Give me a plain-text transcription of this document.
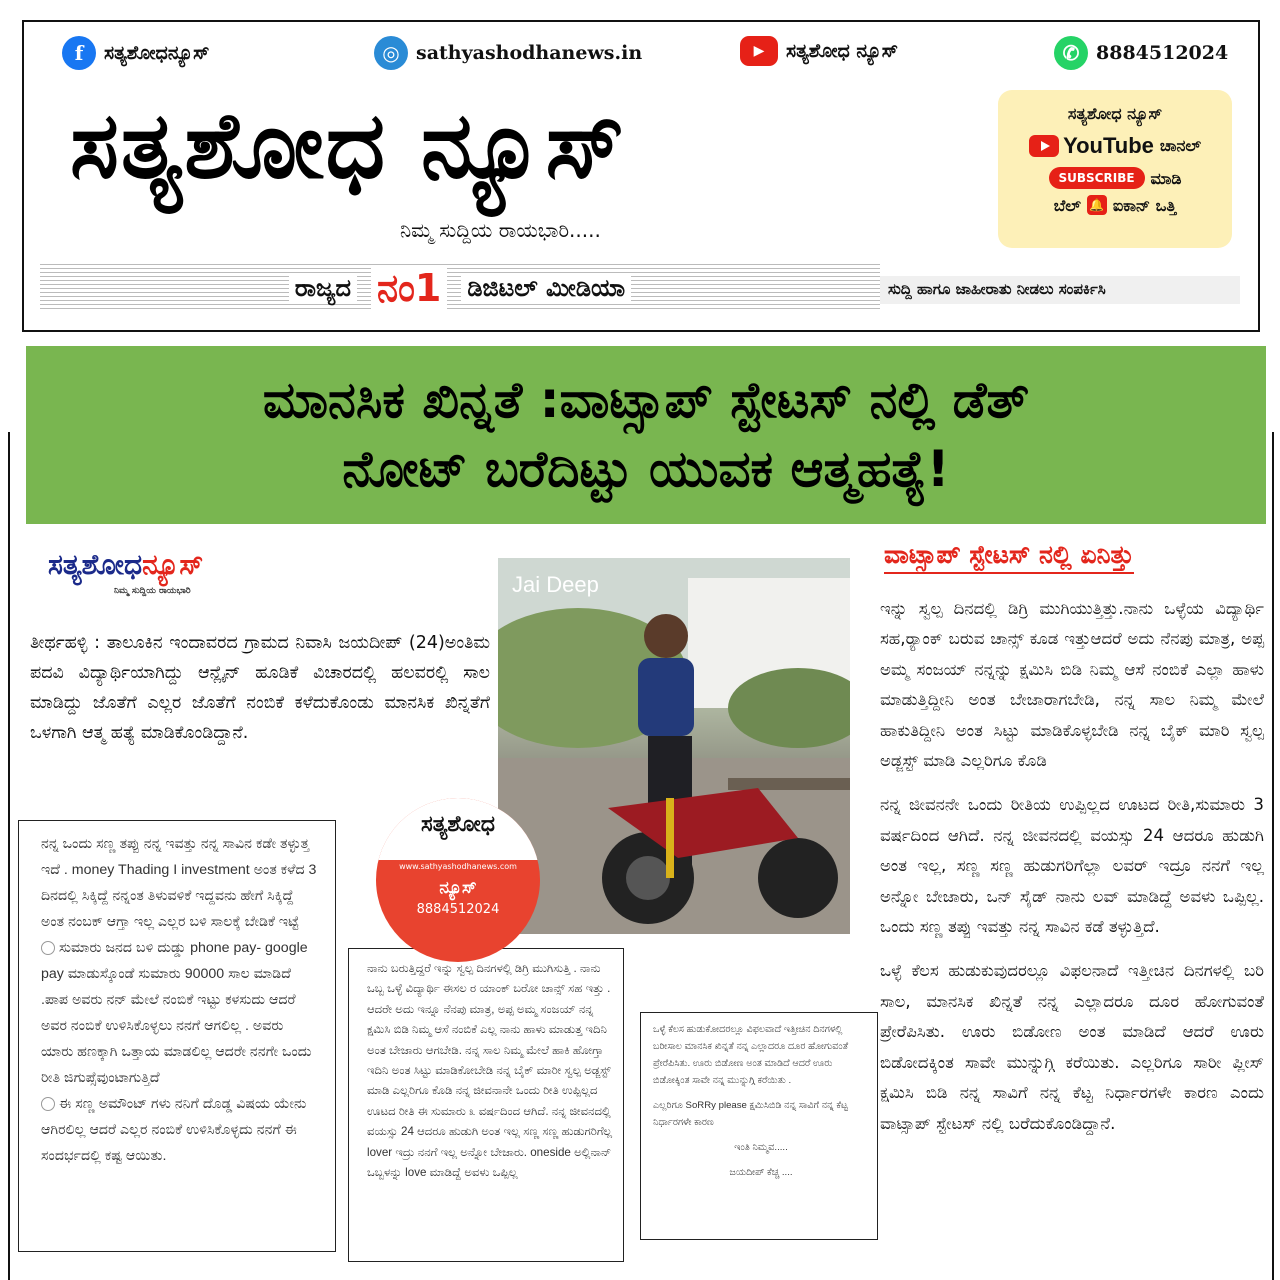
f	ಸತ್ಯಶೋಧನ್ಯೂಸ್	◎ sathyashodhanews.in	▶	ಸತ್ಯಶೋಧ ನ್ಯೂಸ್	✆ 8884512024
ಸತ್ಯಶೋಧ ನ್ಯೂಸ್
ನಿಮ್ಮ ಸುದ್ದಿಯ ರಾಯಭಾರಿ.....
ರಾಜ್ಯದ ನಂ1 ಡಿಜಿಟಲ್ ಮೀಡಿಯಾ	ಸುದ್ದಿ ಹಾಗೂ ಜಾಹೀರಾತು ನೀಡಲು ಸಂಪರ್ಕಿಸಿ
ಸತ್ಯಶೋಧ ನ್ಯೂಸ್
YouTube ಚಾನಲ್
SUBSCRIBE	ಮಾಡಿ
ಬೆಲ್ 🔔 ಐಕಾನ್ ಒತ್ತಿ
ಮಾನಸಿಕ ಖಿನ್ನತೆ :ವಾಟ್ಸಾಪ್ ಸ್ಟೇಟಸ್ ನಲ್ಲಿ ಡೆತ್
ನೋಟ್ ಬರೆದಿಟ್ಟು ಯುವಕ ಆತ್ಮಹತ್ಯೆ!
ಸತ್ಯಶೋಧನ್ಯೂಸ್
ನಿಮ್ಮ ಸುದ್ದಿಯ ರಾಯಭಾರಿ
ತೀರ್ಥಹಳ್ಳಿ : ತಾಲೂಕಿನ ಇಂದಾವರದ ಗ್ರಾಮದ ನಿವಾಸಿ ಜಯದೀಪ್ (24)ಅಂತಿಮ ಪದವಿ ವಿದ್ಯಾರ್ಥಿಯಾಗಿದ್ದು ಆನ್ಲೈನ್ ಹೂಡಿಕೆ ವಿಚಾರದಲ್ಲಿ ಹಲವರಲ್ಲಿ ಸಾಲ ಮಾಡಿದ್ದು ಜೊತೆಗೆ ಎಲ್ಲರ ಜೊತೆಗೆ ನಂಬಿಕೆ ಕಳೆದುಕೊಂಡು ಮಾನಸಿಕ ಖಿನ್ನತೆಗೆ ಒಳಗಾಗಿ ಆತ್ಮ ಹತ್ಯೆ ಮಾಡಿಕೊಂಡಿದ್ದಾನೆ.

ನನ್ನ ಒಂದು ಸಣ್ಣ ತಪ್ಪು ನನ್ನ ಇವತ್ತು ನನ್ನ ಸಾವಿನ ಕಡೇ ತಳ್ಳುತ್ತ ಇದೆ . money Thading I investment ಅಂತ ಕಳೆದ 3 ದಿನದಲ್ಲಿ ಸಿಕ್ಕಿದ್ದೆ ನನ್ನಂತ ತಿಳುವಳಿಕೆ ಇದ್ದವನು ಹೇಗೆ ಸಿಕ್ಕಿದ್ದೆ ಅಂತ ನಂಬಕ್ ಆಗ್ತಾ ಇಲ್ಲ ಎಲ್ಲರ ಬಳಿ ಸಾಲಕ್ಕೆ ಬೇಡಿಕೆ ಇಟ್ಟೆ

ಸುಮಾರು ಜನದ ಬಳಿ ದುಡ್ಡು phone pay- google pay ಮಾಡುಸ್ಕೊಂಡೆ ಸುಮಾರು 90000 ಸಾಲ ಮಾಡಿದೆ .ಪಾಪ ಅವರು ನನ್ ಮೇಲೆ ನಂಬಿಕೆ ಇಟ್ಟು ಕಳಸುದು ಆದರೆ ಅವರ ನಂಬಿಕೆ ಉಳಿಸಿಕೊಳ್ಳಲು ನನಗೆ ಆಗಲಿಲ್ಲ . ಅವರು ಯಾರು ಹಣಕ್ಕಾಗಿ ಒತ್ತಾಯ ಮಾಡಲಿಲ್ಲ ಆದರೇ ನನಗೇ ಒಂದು ರೀತಿ ಜಿಗುಪ್ಸೆವುಂಟಾಗುತ್ತಿದೆ

ಈ ಸಣ್ಣ ಅಮೌಂಟ್ ಗಳು ನನಿಗೆ ದೊಡ್ಡ ವಿಷಯ ಯೇನು ಆಗಿರಲಿಲ್ಲ ಆದರೆ ಎಲ್ಲರ ನಂಬಿಕೆ ಉಳಿಸಿಕೊಳ್ಳದು ನನಗೆ ಈ ಸಂದರ್ಭದಲ್ಲಿ ಕಷ್ಟ ಆಯಿತು.

ನಾನು ಬರುತ್ತಿದ್ದರೆ ಇನ್ನು ಸ್ವಲ್ಪ ದಿನಗಳಲ್ಲಿ ಡಿಗ್ರಿ ಮುಗಿಸುತ್ತಿ . ನಾನು ಒಬ್ಬ ಒಳ್ಳೆ ವಿದ್ಯಾರ್ಥಿ ಈಸಲ ರ ಯಾಂಕ್ ಬರೋ ಚಾನ್ಸ್ ಸಹ ಇತ್ತು . ಆದರೇ ಅದು ಇನ್ನೂ ನೆನಪು ಮಾತ್ರ, ಅಪ್ಪ ಅಮ್ಮ ಸಂಜಯ್ ನನ್ನ ಕ್ಷಮಿಸಿ ಬಿಡಿ ನಿಮ್ಮ ಆಸೆ ನಂಬಿಕೆ ಎಲ್ಲ ನಾನು ಹಾಳು ಮಾಡುತ್ತ ಇದಿನಿ ಅಂತ ಬೇಜಾರು ಆಗಬೇಡಿ. ನನ್ನ ಸಾಲ ನಿಮ್ಮ ಮೇಲೆ ಹಾಕಿ ಹೋಗ್ತಾ ಇದಿನಿ ಅಂತ ಸಿಟ್ಟು ಮಾಡಿಕೋಬೇಡಿ ನನ್ನ ಬೈಕ್ ಮಾರೀ ಸ್ವಲ್ಪ ಅಡ್ಜಸ್ಟ್ ಮಾಡಿ ಎಲ್ಲರಿಗೂ ಕೊಡಿ ನನ್ನ ಜೀವನಾನೇ ಒಂದು ರೀತಿ ಉಪ್ಪಿಲ್ಲದ ಊಟದ ರೀತಿ ಈ ಸುಮಾರು ೩ ವರ್ಷದಿಂದ ಆಗಿದೆ. ನನ್ನ ಜೀವನದಲ್ಲಿ ವಯಸ್ಸು 24 ಆದರೂ ಹುಡುಗಿ ಅಂತ ಇಲ್ಲ ಸಣ್ಣ ಸಣ್ಣ ಹುಡುಗರಿಗೆಲ್ಲ lover ಇದ್ರು ನನಗೆ ಇಲ್ಲ ಅನ್ನೋ ಬೇಜಾರು. oneside ಅಲ್ಲಿನಾನ್ ಒಬ್ಬಳನ್ನು love ಮಾಡಿದ್ದೆ ಅವಳು ಒಪ್ಪಿಲ್ಲ

ಒಳ್ಳೆ ಕೆಲಸ ಹುಡುಕೋದರಲ್ಲೂ ವಿಫಲವಾದೆ ಇತ್ತೀಚಿನ ದಿನಗಳಲ್ಲಿ ಬರೀಸಾಲ ಮಾನಸಿಕ ಖಿನ್ನತೆ ನನ್ನ ಎಲ್ಲಾದರೂ ದೂರ ಹೋಗುವಂತೆ ಪ್ರೇರೆಪಿಸಿತು. ಊರು ಬಿಡೋಣ ಅಂತ ಮಾಡಿದೆ ಆದರೆ ಊರು ಬಿಡೋಕ್ಕಿಂತ ಸಾವೇ ನನ್ನ ಮುನ್ನುಗ್ಗಿ ಕರೆಯಿತು .

ಎಲ್ಲರಿಗೂ SoRRy please ಕ್ಷಮಿಸಿಬಿಡಿ ನನ್ನ ಸಾವಿಗೆ ನನ್ನ ಕೆಟ್ಟ ನಿರ್ಧಾರಗಳೇ ಕಾರಣ

ಇಂತಿ ನಿಮ್ಮವ.....

ಜಯದೀಪ್ ಕೆಚ್ಚ ....

Jai Deep
ಸತ್ಯಶೋಧ
www.sathyashodhanews.com
ನ್ಯೂಸ್
8884512024
ವಾಟ್ಸಾಪ್ ಸ್ಟೇಟಸ್ ನಲ್ಲಿ ಏನಿತ್ತು

ಇನ್ನು ಸ್ವಲ್ಪ ದಿನದಲ್ಲಿ ಡಿಗ್ರಿ ಮುಗಿಯುತ್ತಿತ್ತು.ನಾನು ಒಳ್ಳೆಯ ವಿದ್ಯಾರ್ಥಿ ಸಹ,ರ್‍ಯಾಂಕ್ ಬರುವ ಚಾನ್ಸ್ ಕೂಡ ಇತ್ತುಆದರೆ ಅದು ನೆನಪು ಮಾತ್ರ, ಅಪ್ಪ ಅಮ್ಮ ಸಂಜಯ್ ನನ್ನನ್ನು ಕ್ಷಮಿಸಿ ಬಿಡಿ ನಿಮ್ಮ ಆಸೆ ನಂಬಿಕೆ ಎಲ್ಲಾ ಹಾಳು ಮಾಡುತ್ತಿದ್ದೀನಿ ಅಂತ ಬೇಜಾರಾಗಬೇಡಿ, ನನ್ನ ಸಾಲ ನಿಮ್ಮ ಮೇಲೆ ಹಾಕುತಿದ್ದೀನಿ ಅಂತ ಸಿಟ್ಟು ಮಾಡಿಕೊಳ್ಳಬೇಡಿ ನನ್ನ ಬೈಕ್ ಮಾರಿ ಸ್ವಲ್ಪ ಅಡ್ಜಸ್ಟ್ ಮಾಡಿ ಎಲ್ಲರಿಗೂ ಕೊಡಿ

ನನ್ನ ಜೀವನನೇ ಒಂದು ರೀತಿಯ ಉಪ್ಪಿಲ್ಲದ ಊಟದ ರೀತಿ,ಸುಮಾರು 3 ವರ್ಷದಿಂದ ಆಗಿದೆ. ನನ್ನ ಜೀವನದಲ್ಲಿ ವಯಸ್ಸು 24 ಆದರೂ ಹುಡುಗಿ ಅಂತ ಇಲ್ಲ, ಸಣ್ಣ ಸಣ್ಣ ಹುಡುಗರಿಗೆಲ್ಲಾ ಲವರ್ ಇದ್ರೂ ನನಗೆ ಇಲ್ಲ ಅನ್ನೋ ಬೇಜಾರು, ಒನ್ ಸೈಡ್ ನಾನು ಲವ್ ಮಾಡಿದ್ದೆ ಅವಳು ಒಪ್ಪಿಲ್ಲ. ಒಂದು ಸಣ್ಣ ತಪ್ಪು ಇವತ್ತು ನನ್ನ ಸಾವಿನ ಕಡೆ ತಳ್ಳುತ್ತಿದೆ.

ಒಳ್ಳೆ ಕೆಲಸ ಹುಡುಕುವುದರಲ್ಲೂ ವಿಫಲನಾದೆ ಇತ್ತೀಚಿನ ದಿನಗಳಲ್ಲಿ ಬರಿ ಸಾಲ, ಮಾನಸಿಕ ಖಿನ್ನತೆ ನನ್ನ ಎಲ್ಲಾದರೂ ದೂರ ಹೋಗುವಂತೆ ಪ್ರೇರೆಪಿಸಿತು. ಊರು ಬಿಡೋಣ ಅಂತ ಮಾಡಿದೆ ಆದರೆ ಊರು ಬಿಡೋದಕ್ಕಿಂತ ಸಾವೇ ಮುನ್ನುಗ್ಗಿ ಕರೆಯಿತು. ಎಲ್ಲರಿಗೂ ಸಾರೀ ಪ್ಲೀಸ್ ಕ್ಷಮಿಸಿ ಬಿಡಿ ನನ್ನ ಸಾವಿಗೆ ನನ್ನ ಕೆಟ್ಟ ನಿರ್ಧಾರಗಳೇ ಕಾರಣ ಎಂದು ವಾಟ್ಸಾಪ್ ಸ್ಟೇಟಸ್ ನಲ್ಲಿ ಬರೆದುಕೊಂಡಿದ್ದಾನೆ.
